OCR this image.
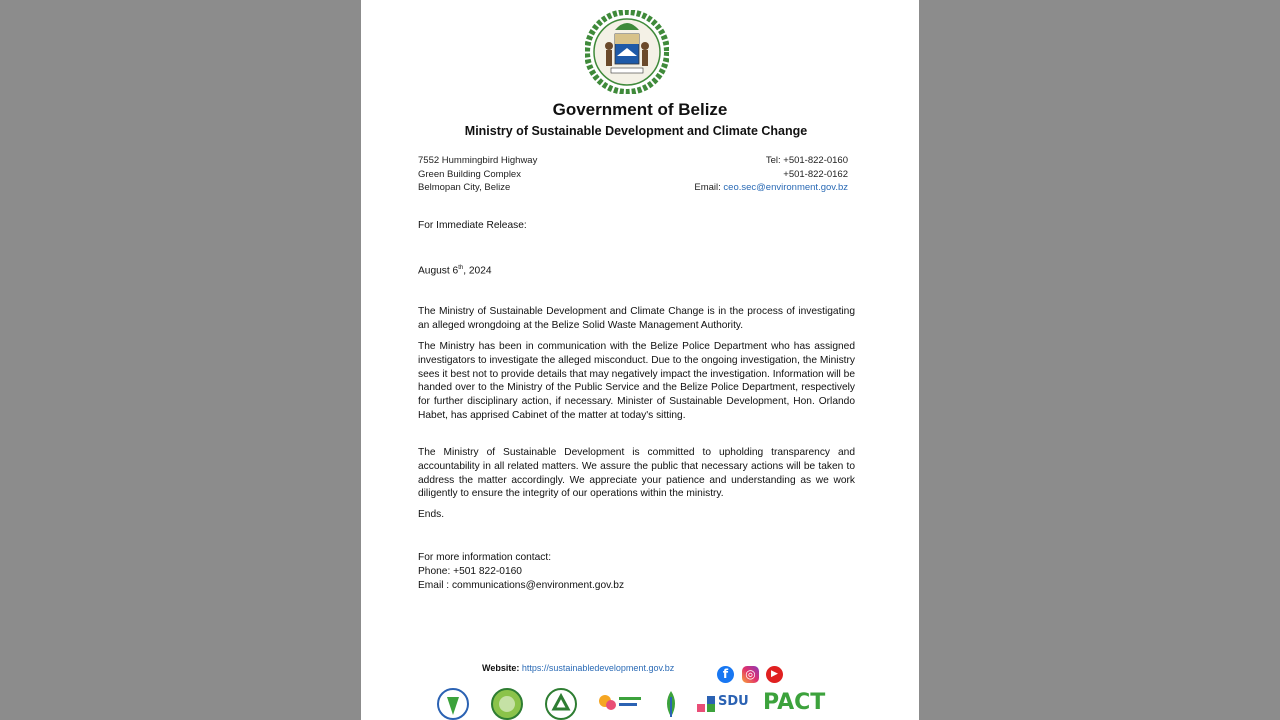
Government of Belize
Ministry of Sustainable Development and Climate Change
7552 Hummingbird Highway
Green Building Complex
Belmopan City, Belize
Tel: +501-822-0160
+501-822-0162
Email: ceo.sec@environment.gov.bz
For Immediate Release:
August 6th, 2024
The Ministry of Sustainable Development and Climate Change is in the process of investigating an alleged wrongdoing at the Belize Solid Waste Management Authority.
The Ministry has been in communication with the Belize Police Department who has assigned investigators to investigate the alleged misconduct. Due to the ongoing investigation, the Ministry sees it best not to provide details that may negatively impact the investigation. Information will be handed over to the Ministry of the Public Service and the Belize Police Department, respectively for further disciplinary action, if necessary. Minister of Sustainable Development, Hon. Orlando Habet, has apprised Cabinet of the matter at today's sitting.
The Ministry of Sustainable Development is committed to upholding transparency and accountability in all related matters. We assure the public that necessary actions will be taken to address the matter accordingly. We appreciate your patience and understanding as we work diligently to ensure the integrity of our operations within the ministry.
Ends.
For more information contact:
Phone: +501 822-0160
Email : communications@environment.gov.bz
Website: https://sustainabledevelopment.gov.bz	f	◎	▶
SDU PACT
